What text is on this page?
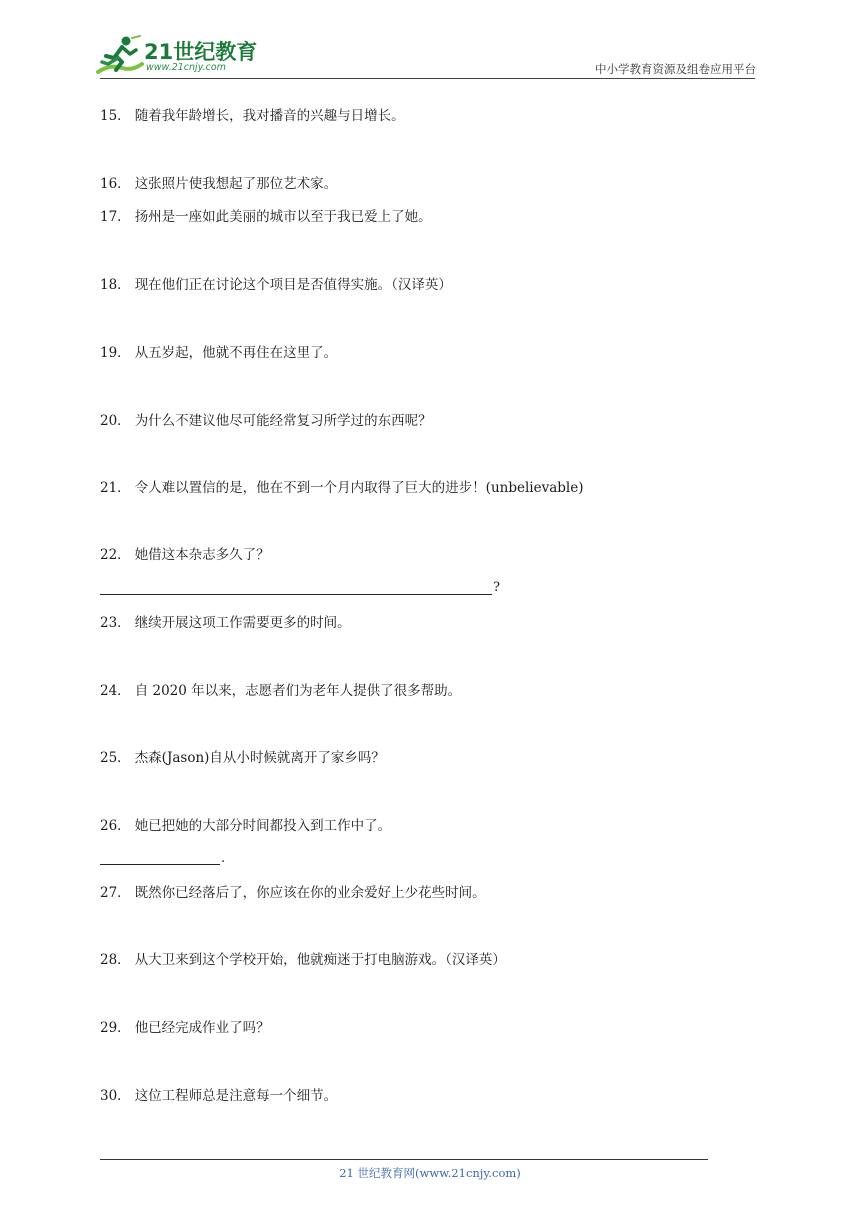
21世纪教育
www.21cnjy.com	中小学教育资源及组卷应用平台
15． 随着我年龄增长，我对播音的兴趣与日增长。
16． 这张照片使我想起了那位艺术家。
17． 扬州是一座如此美丽的城市以至于我已爱上了她。
18． 现在他们正在讨论这个项目是否值得实施。（汉译英）
19． 从五岁起，他就不再住在这里了。
20． 为什么不建议他尽可能经常复习所学过的东西呢？
21． 令人难以置信的是，他在不到一个月内取得了巨大的进步！(unbelievable)
22． 她借这本杂志多久了？
?
23． 继续开展这项工作需要更多的时间。
24． 自 2020 年以来，志愿者们为老年人提供了很多帮助。
25． 杰森(Jason)自从小时候就离开了家乡吗？
26． 她已把她的大部分时间都投入到工作中了。
.
27． 既然你已经落后了，你应该在你的业余爱好上少花些时间。
28． 从大卫来到这个学校开始，他就痴迷于打电脑游戏。（汉译英）
29． 他已经完成作业了吗？
30． 这位工程师总是注意每一个细节。
21 世纪教育网(www.21cnjy.com)
